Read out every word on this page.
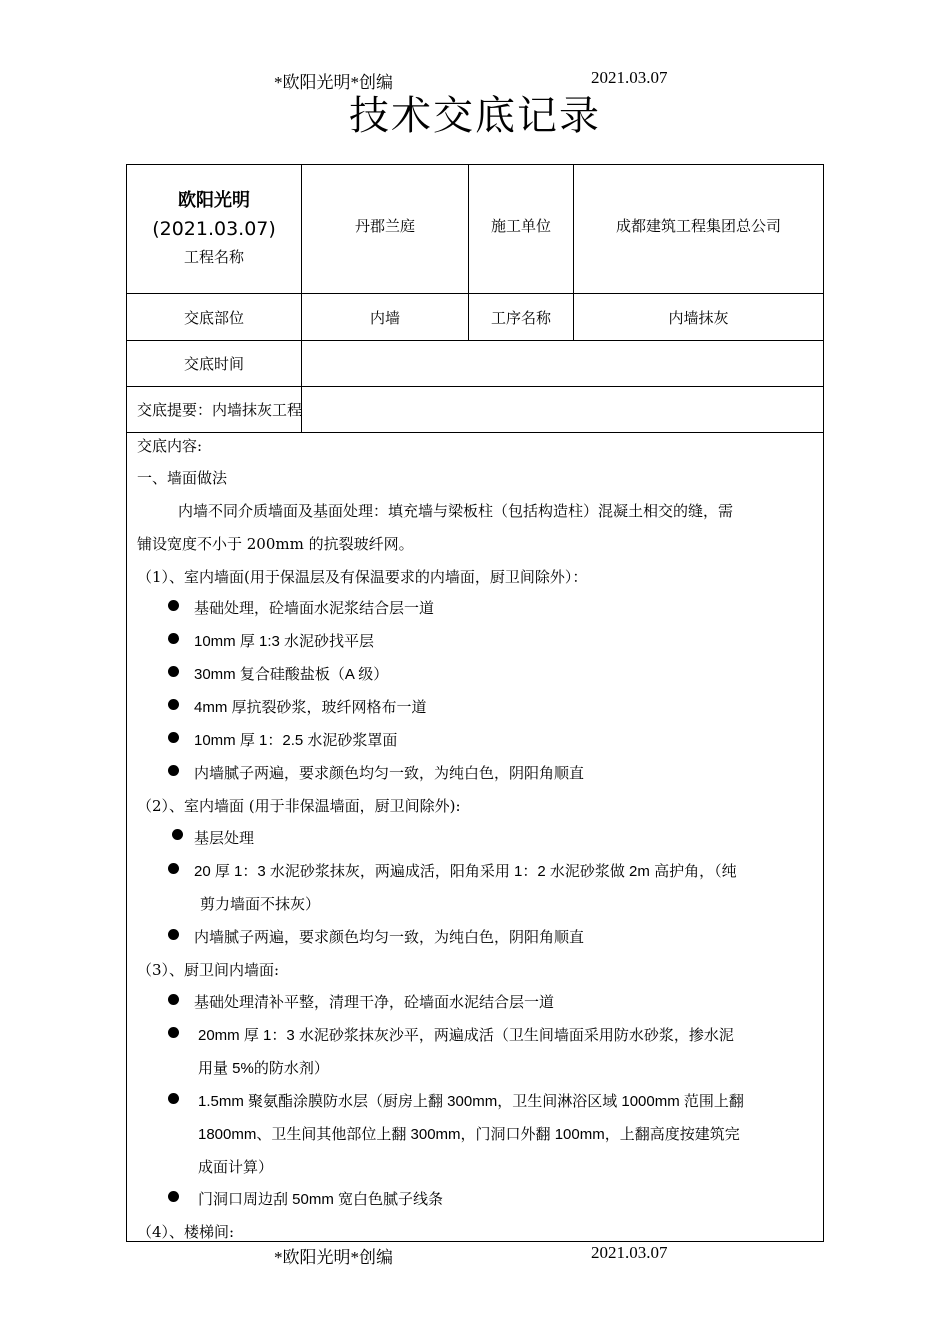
*欧阳光明*创编	2021.03.07
技术交底记录
欧阳光明
(2021.03.07)
工程名称
丹郡兰庭	施工单位	成都建筑工程集团总公司
交底部位	内墙	工序名称	内墙抹灰
交底时间
交底提要：内墙抹灰工程
交底内容:
一、墙面做法
内墙不同介质墙面及基面处理：填充墙与梁板柱（包括构造柱）混凝土相交的缝，需
铺设宽度不小于 200mm 的抗裂玻纤网。
（1）、室内墙面(用于保温层及有保温要求的内墙面，厨卫间除外）：
基础处理，砼墙面水泥浆结合层一道
10mm 厚 1:3 水泥砂找平层
30mm 复合硅酸盐板（A 级）
4mm 厚抗裂砂浆，玻纤网格布一道
10mm 厚 1：2.5 水泥砂浆罩面
内墙腻子两遍，要求颜色均匀一致，为纯白色，阴阳角顺直
（2）、室内墙面 (用于非保温墙面，厨卫间除外):
基层处理
20 厚 1：3 水泥砂浆抹灰，两遍成活，阳角采用 1：2 水泥砂浆做 2m 高护角，（纯
剪力墙面不抹灰）
内墙腻子两遍，要求颜色均匀一致，为纯白色，阴阳角顺直
（3）、厨卫间内墙面:
基础处理清补平整，清理干净，砼墙面水泥结合层一道
20mm 厚 1：3 水泥砂浆抹灰沙平，两遍成活（卫生间墙面采用防水砂浆，掺水泥
用量 5%的防水剂）
1.5mm 聚氨酯涂膜防水层（厨房上翻 300mm，卫生间淋浴区域 1000mm 范围上翻
1800mm、卫生间其他部位上翻 300mm，门洞口外翻 100mm，上翻高度按建筑完
成面计算）
门洞口周边刮 50mm 宽白色腻子线条
（4）、楼梯间:
*欧阳光明*创编	2021.03.07
